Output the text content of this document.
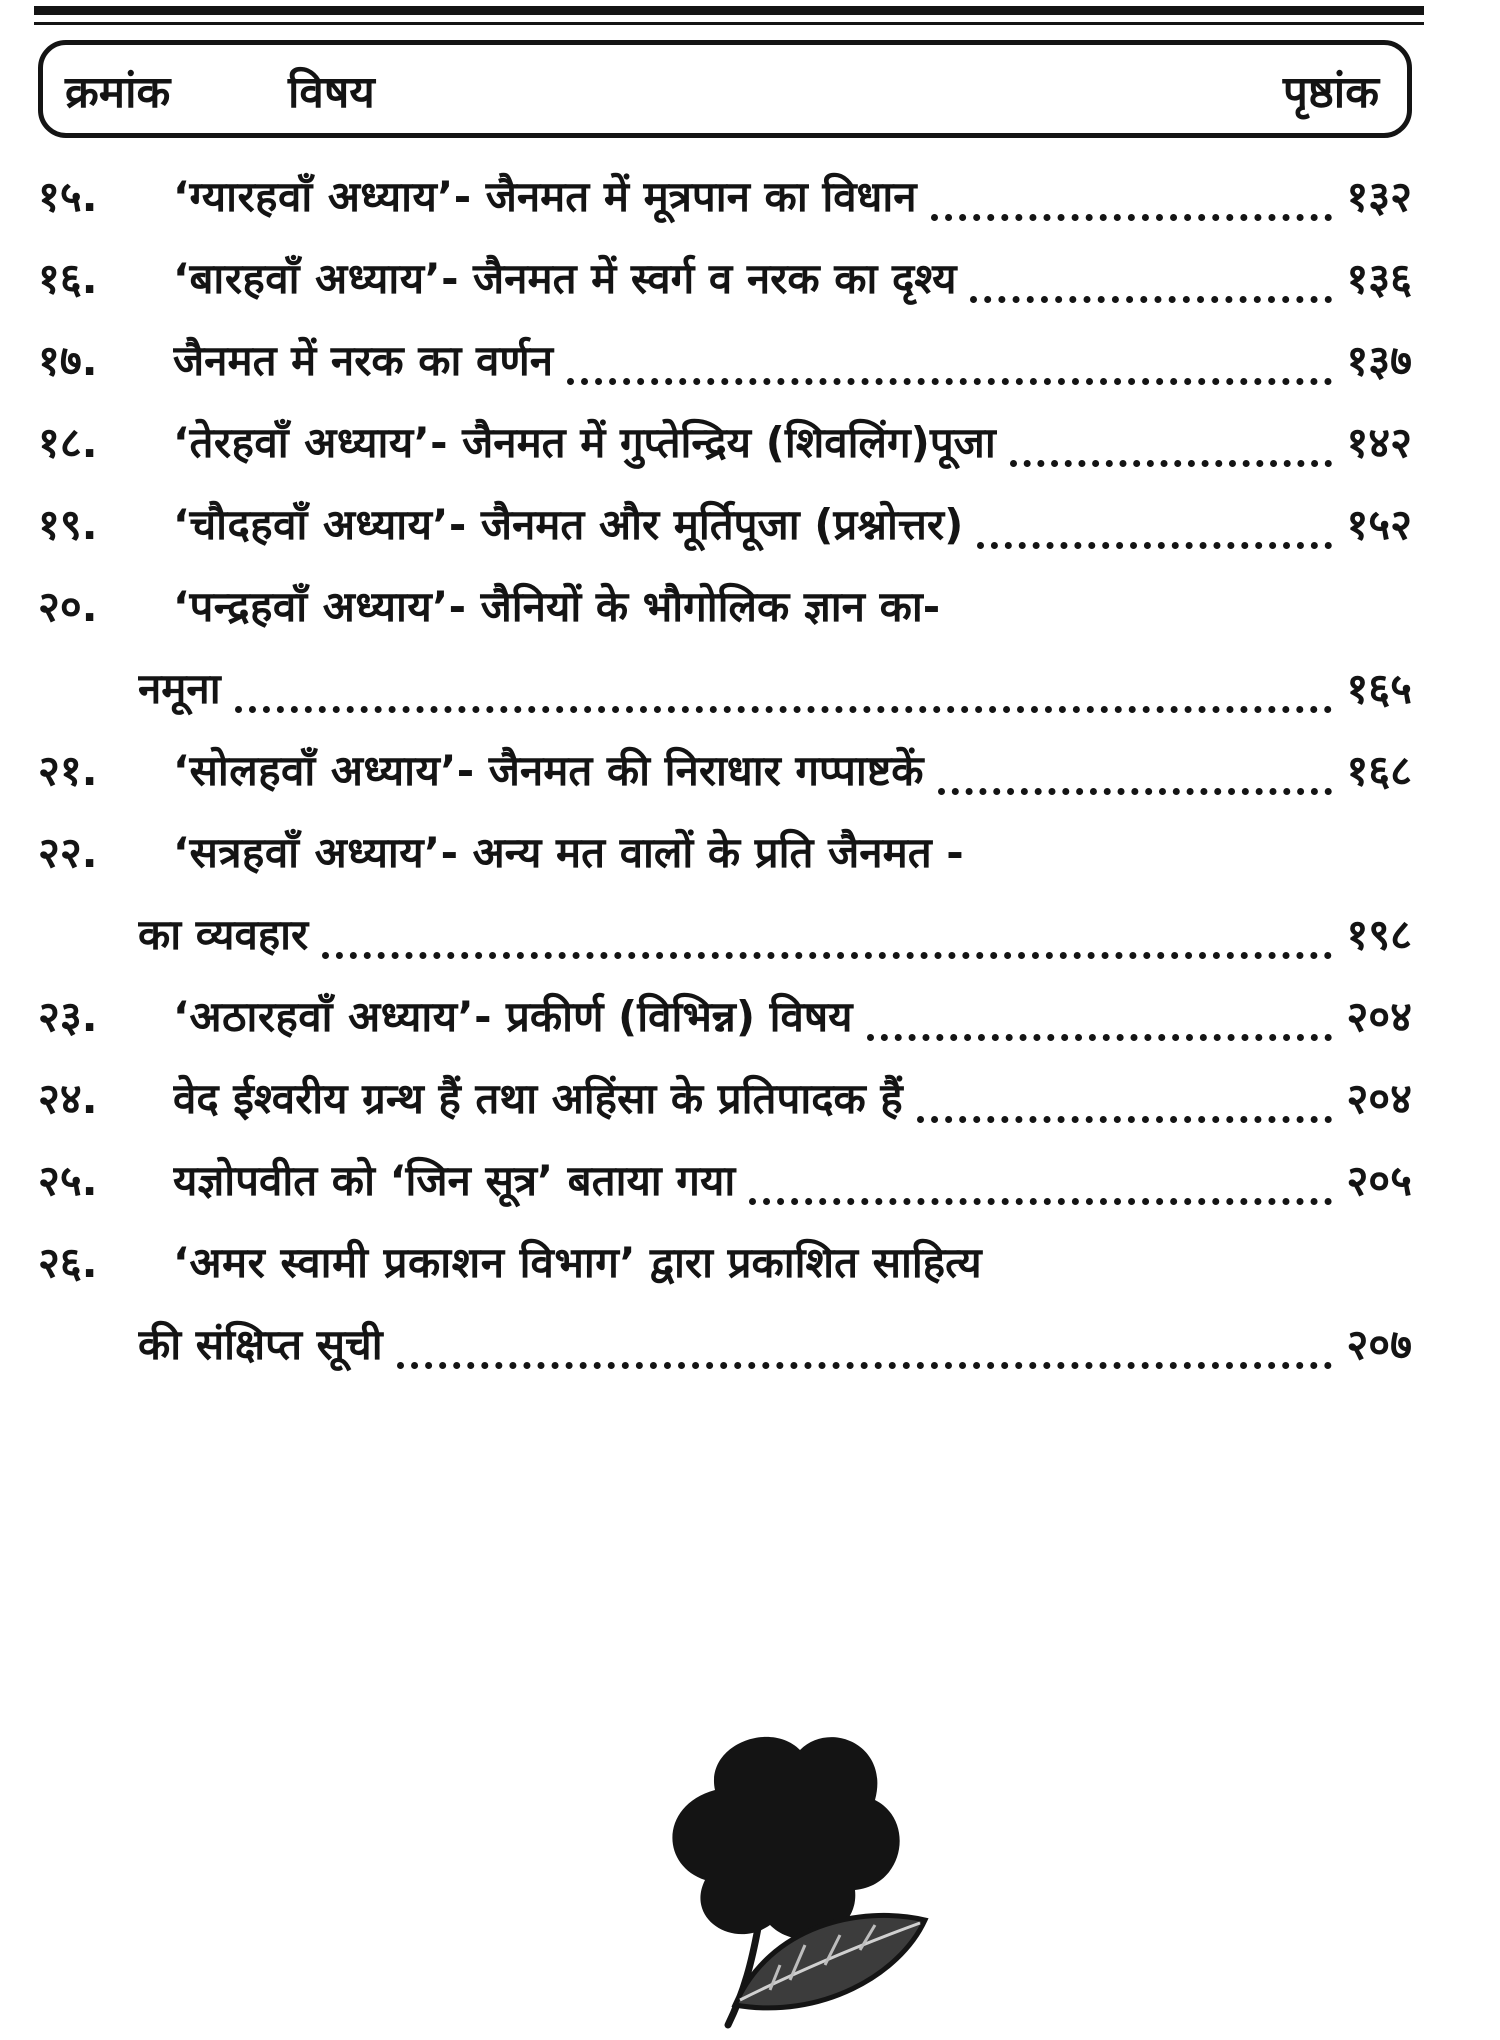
क्रमांक	विषय	पृष्ठांक
१५. ‘ग्यारहवाँ अध्याय’- जैनमत में मूत्रपान का विधान	१३२
१६. ‘बारहवाँ अध्याय’- जैनमत में स्वर्ग व नरक का दृश्य	१३६
१७. जैनमत में नरक का वर्णन	१३७
१८. ‘तेरहवाँ अध्याय’- जैनमत में गुप्तेन्द्रिय (शिवलिंग)पूजा	१४२
१९. ‘चौदहवाँ अध्याय’- जैनमत और मूर्तिपूजा (प्रश्नोत्तर)	१५२
२०. ‘पन्द्रहवाँ अध्याय’- जैनियों के भौगोलिक ज्ञान का-
नमूना	१६५
२१. ‘सोलहवाँ अध्याय’- जैनमत की निराधार गप्पाष्टकें	१६८
२२. ‘सत्रहवाँ अध्याय’- अन्य मत वालों के प्रति जैनमत -
का व्यवहार	१९८
२३. ‘अठारहवाँ अध्याय’- प्रकीर्ण (विभिन्न) विषय	२०४
२४. वेद ईश्वरीय ग्रन्थ हैं तथा अहिंसा के प्रतिपादक हैं	२०४
२५. यज्ञोपवीत को ‘जिन सूत्र’ बताया गया	२०५
२६. ‘अमर स्वामी प्रकाशन विभाग’ द्वारा प्रकाशित साहित्य
की संक्षिप्त सूची	२०७
